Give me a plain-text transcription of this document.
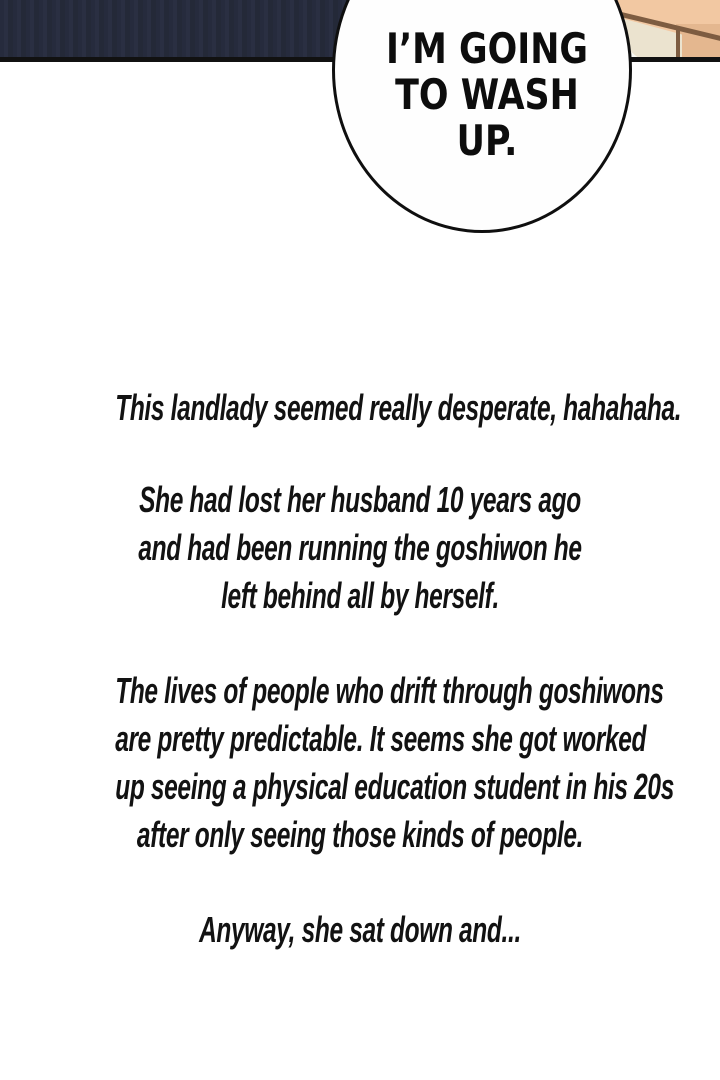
I’M GOING
TO WASH
UP.
This landlady seemed really desperate, hahahaha.
She had lost her husband 10 years ago
and had been running the goshiwon he
left behind all by herself.
The lives of people who drift through goshiwons
are pretty predictable. It seems she got worked
up seeing a physical education student in his 20s
after only seeing those kinds of people.
Anyway, she sat down and...
